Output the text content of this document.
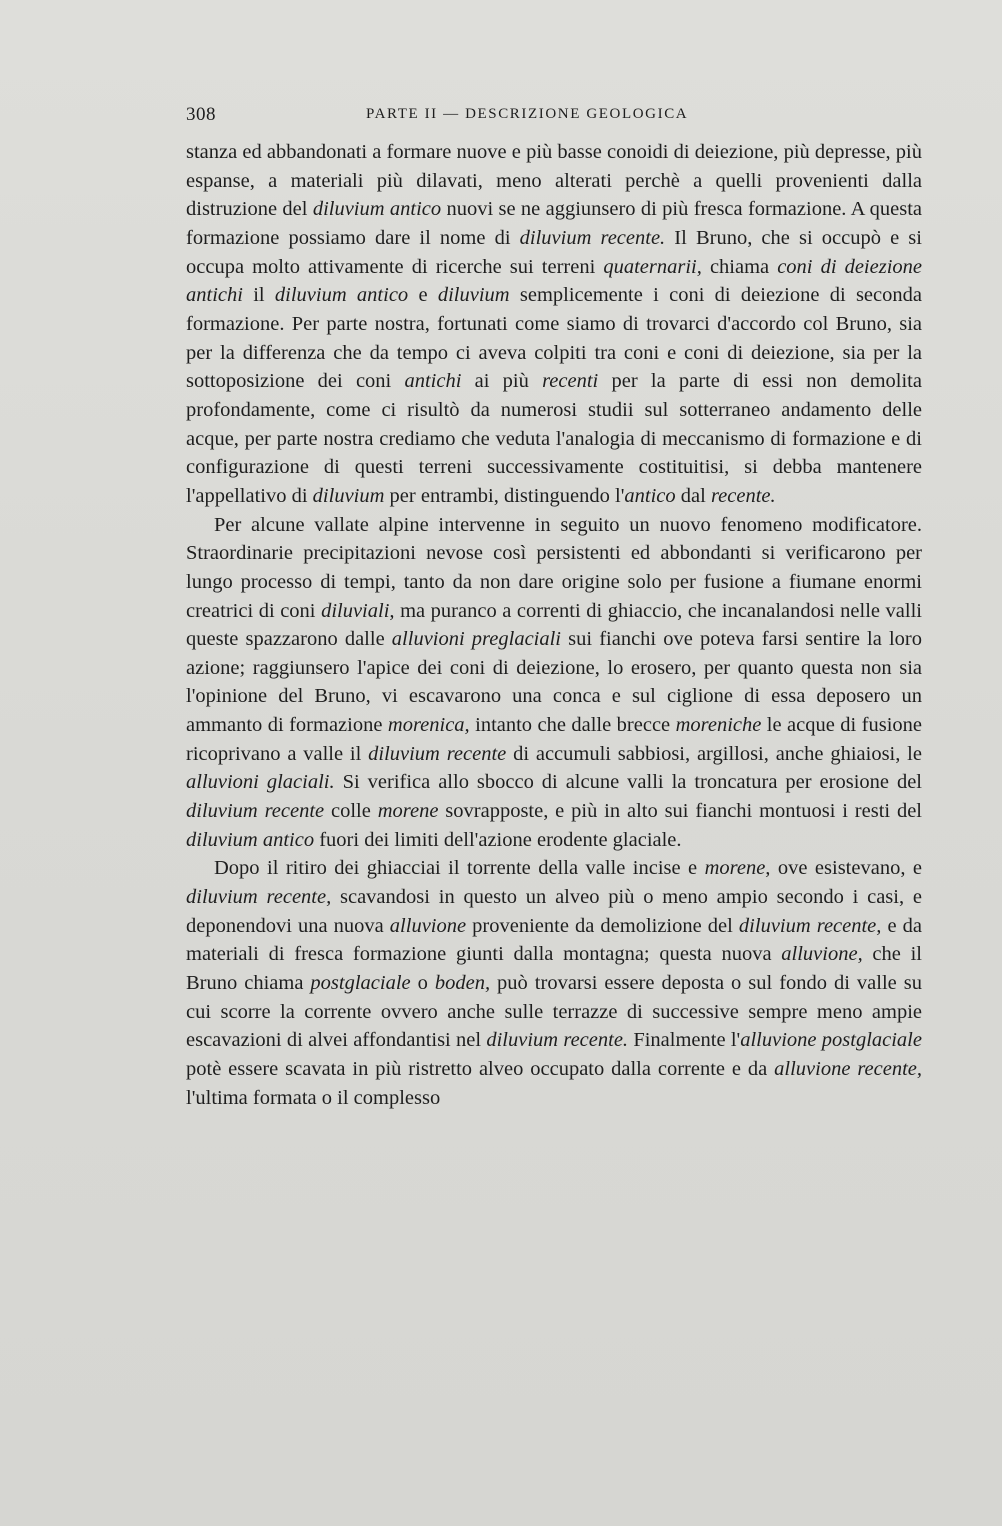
308	PARTE II — DESCRIZIONE GEOLOGICA

stanza ed abbandonati a formare nuove e più basse conoidi di deiezione, più depresse, più espanse, a materiali più dilavati, meno alterati perchè a quelli provenienti dalla distruzione del diluvium antico nuovi se ne aggiunsero di più fresca formazione. A questa formazione possiamo dare il nome di diluvium recente. Il Bruno, che si occupò e si occupa molto attivamente di ricerche sui terreni quaternarii, chiama coni di deiezione antichi il diluvium antico e diluvium semplicemente i coni di deiezione di seconda formazione. Per parte nostra, fortunati come siamo di trovarci d'accordo col Bruno, sia per la differenza che da tempo ci aveva colpiti tra coni e coni di deiezione, sia per la sottoposizione dei coni antichi ai più recenti per la parte di essi non demolita profondamente, come ci risultò da numerosi studii sul sotterraneo andamento delle acque, per parte nostra crediamo che veduta l'analogia di meccanismo di formazione e di configurazione di questi terreni successivamente costituitisi, si debba mantenere l'appellativo di diluvium per entrambi, distinguendo l'antico dal recente.

Per alcune vallate alpine intervenne in seguito un nuovo fenomeno modificatore. Straordinarie precipitazioni nevose così persistenti ed abbondanti si verificarono per lungo processo di tempi, tanto da non dare origine solo per fusione a fiumane enormi creatrici di coni diluviali, ma puranco a correnti di ghiaccio, che incanalandosi nelle valli queste spazzarono dalle alluvioni preglaciali sui fianchi ove poteva farsi sentire la loro azione; raggiunsero l'apice dei coni di deiezione, lo erosero, per quanto questa non sia l'opinione del Bruno, vi escavarono una conca e sul ciglione di essa deposero un ammanto di formazione morenica, intanto che dalle brecce moreniche le acque di fusione ricoprivano a valle il diluvium recente di accumuli sabbiosi, argillosi, anche ghiaiosi, le alluvioni glaciali. Si verifica allo sbocco di alcune valli la troncatura per erosione del diluvium recente colle morene sovrapposte, e più in alto sui fianchi montuosi i resti del diluvium antico fuori dei limiti dell'azione erodente glaciale.

Dopo il ritiro dei ghiacciai il torrente della valle incise e morene, ove esistevano, e diluvium recente, scavandosi in questo un alveo più o meno ampio secondo i casi, e deponendovi una nuova alluvione proveniente da demolizione del diluvium recente, e da materiali di fresca formazione giunti dalla montagna; questa nuova alluvione, che il Bruno chiama postglaciale o boden, può trovarsi essere deposta o sul fondo di valle su cui scorre la corrente ovvero anche sulle terrazze di successive sempre meno ampie escavazioni di alvei affondantisi nel diluvium recente. Finalmente l'alluvione postglaciale potè essere scavata in più ristretto alveo occupato dalla corrente e da alluvione recente, l'ultima formata o il complesso
